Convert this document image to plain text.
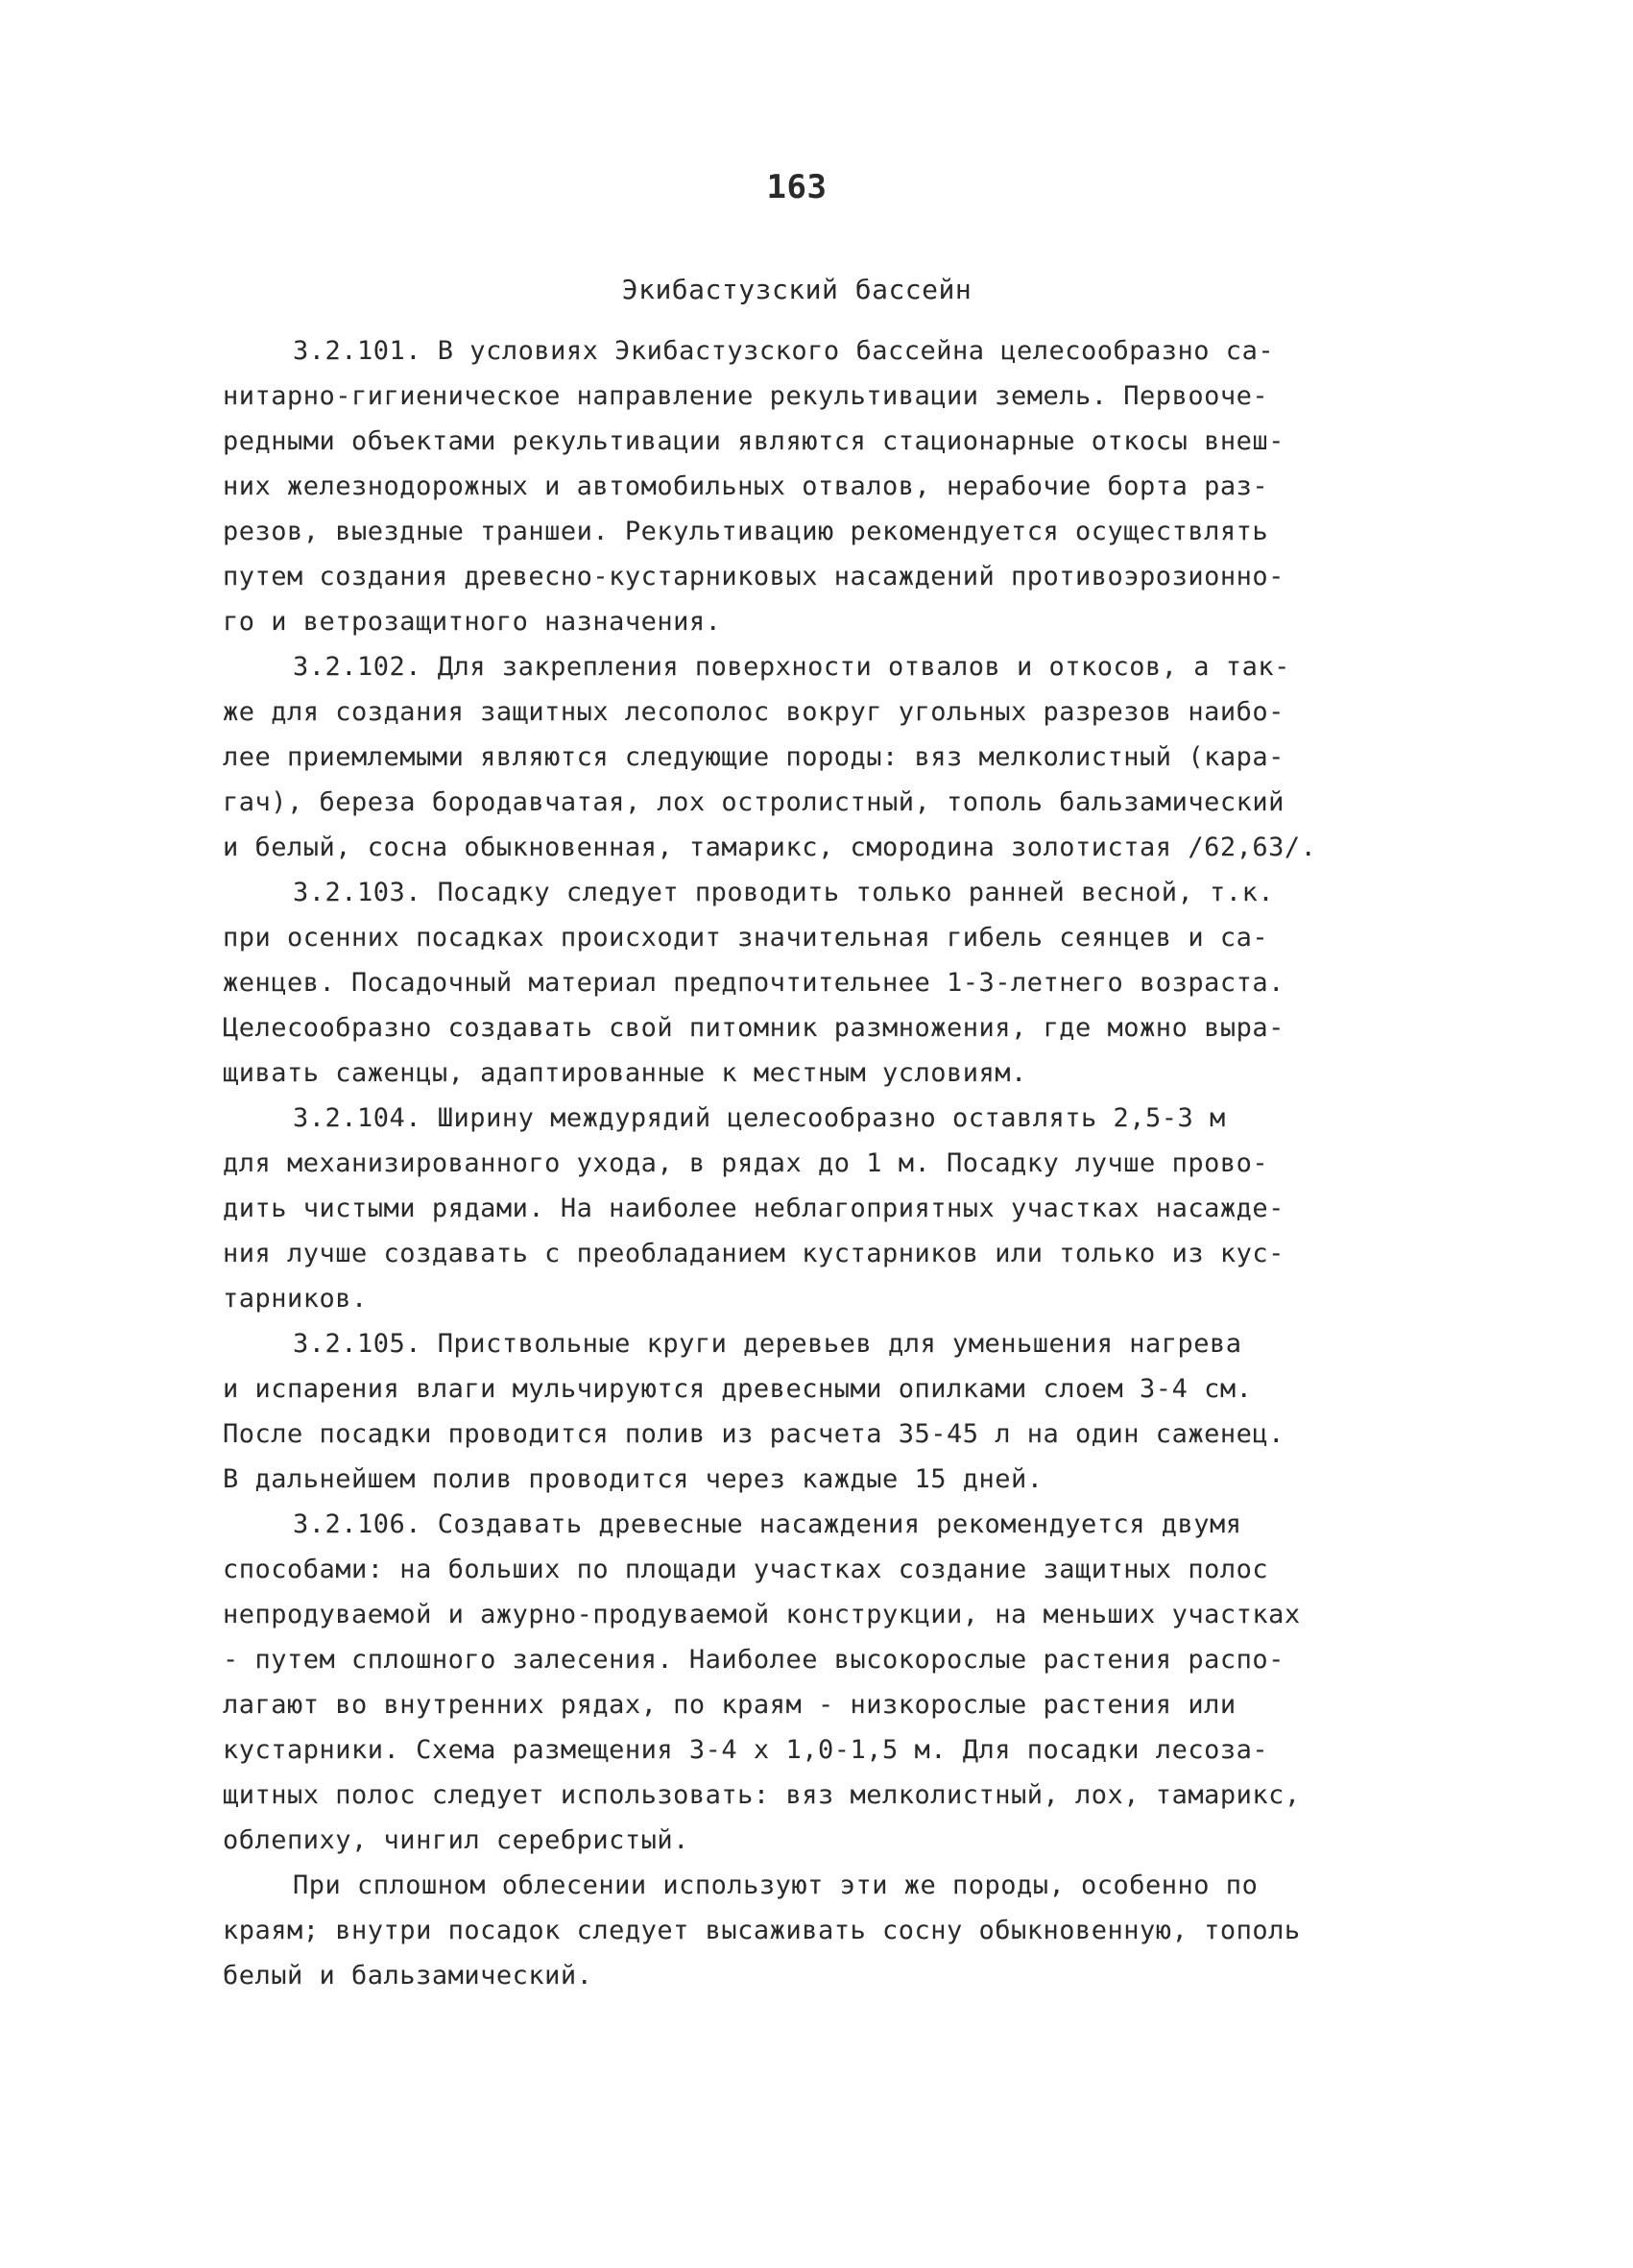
163
Экибастузский бассейн
3.2.101. В условиях Экибастузского бассейна целесообразно са-
нитарно-гигиеническое направление рекультивации земель. Первооче-
редными объектами рекультивации являются стационарные откосы внеш-
них железнодорожных и автомобильных отвалов, нерабочие борта раз-
резов, выездные траншеи. Рекультивацию рекомендуется осуществлять
путем создания древесно-кустарниковых насаждений противоэрозионно-
го и ветрозащитного назначения.
3.2.102. Для закрепления поверхности отвалов и откосов, а так-
же для создания защитных лесополос вокруг угольных разрезов наибо-
лее приемлемыми являются следующие породы: вяз мелколистный (кара-
гач), береза бородавчатая, лох остролистный, тополь бальзамический
и белый, сосна обыкновенная, тамарикс, смородина золотистая /62,63/.
3.2.103. Посадку следует проводить только ранней весной, т.к.
при осенних посадках происходит значительная гибель сеянцев и са-
женцев. Посадочный материал предпочтительнее 1-3-летнего возраста.
Целесообразно создавать свой питомник размножения, где можно выра-
щивать саженцы, адаптированные к местным условиям.
3.2.104. Ширину междурядий целесообразно оставлять 2,5-3 м
для механизированного ухода, в рядах до 1 м. Посадку лучше прово-
дить чистыми рядами. На наиболее неблагоприятных участках насажде-
ния лучше создавать с преобладанием кустарников или только из кус-
тарников.
3.2.105. Приствольные круги деревьев для уменьшения нагрева
и испарения влаги мульчируются древесными опилками слоем 3-4 см.
После посадки проводится полив из расчета 35-45 л на один саженец.
В дальнейшем полив проводится через каждые 15 дней.
3.2.106. Создавать древесные насаждения рекомендуется двумя
способами: на больших по площади участках создание защитных полос
непродуваемой и ажурно-продуваемой конструкции, на меньших участках
- путем сплошного залесения. Наиболее высокорослые растения распо-
лагают во внутренних рядах, по краям - низкорослые растения или
кустарники. Схема размещения 3-4 х 1,0-1,5 м. Для посадки лесоза-
щитных полос следует использовать: вяз мелколистный, лох, тамарикс,
облепиху, чингил серебристый.
При сплошном облесении используют эти же породы, особенно по
краям; внутри посадок следует высаживать сосну обыкновенную, тополь
белый и бальзамический.
